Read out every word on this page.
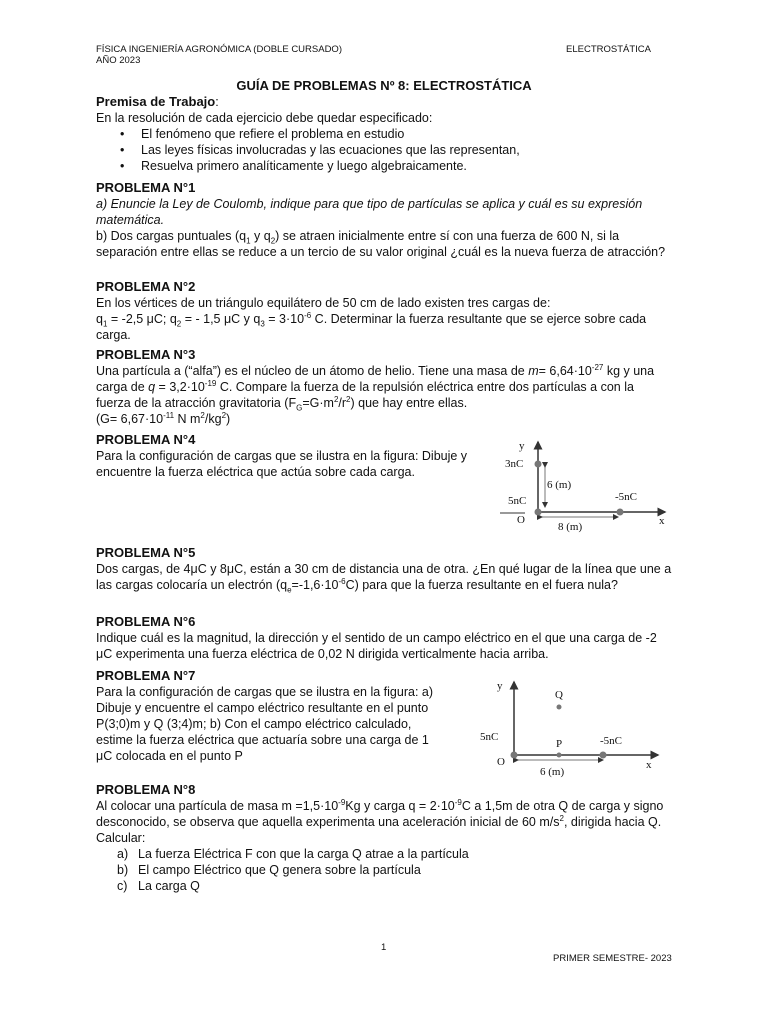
FÍSICA INGENIERÍA AGRONÓMICA (DOBLE CURSADO)
AÑO 2023
ELECTROSTÁTICA
GUÍA DE PROBLEMAS Nº 8: ELECTROSTÁTICA

Premisa de Trabajo:

En la resolución de cada ejercicio debe quedar especificado:

• El fenómeno que refiere el problema en estudio
• Las leyes físicas involucradas y las ecuaciones que las representan,
• Resuelva primero analíticamente y luego algebraicamente.

PROBLEMA N°1

a) Enuncie la Ley de Coulomb, indique para que tipo de partículas se aplica y cuál es su expresión matemática.

b) Dos cargas puntuales ($q_1$ y $q_2$) se atraen inicialmente entre sí con una fuerza de 600 N, si la separación entre ellas se reduce a un tercio de su valor original ¿cuál es la nueva fuerza de atracción?

PROBLEMA N°2

En los vértices de un triángulo equilátero de 50 cm de lado existen tres cargas de:

$q_1 = -2,5$ μC; $q_2$ = - 1,5 μC y $q_3 = 3\cdot 10^{-6}$ C. Determinar la fuerza resultante que se ejerce sobre cada carga.

PROBLEMA N°3

Una partícula a (“alfa”) es el núcleo de un átomo de helio. Tiene una masa de $m= 6,64\cdot 10^{-27}$ kg y una carga de $q = 3,2\cdot 10^{-19}$ C. Compare la fuerza de la repulsión eléctrica entre dos partículas a con la fuerza de la atracción gravitatoria $(F_G=G\cdot m^2/r^2)$ que hay entre ellas.

($G= 6,67\cdot 10^{-11}$ N $m^2/kg^2$)

PROBLEMA N°4

Para la configuración de cargas que se ilustra en la figura: Dibuje y encuentre la fuerza eléctrica que actúa sobre cada carga.

y
x
3nC
5nC	-5nC
O
6 (m)
8 (m)

PROBLEMA N°5

Dos cargas, de 4μC y 8μC, están a 30 cm de distancia una de otra. ¿En qué lugar de la línea que une a las cargas colocaría un electrón $(q_e=-1,6\cdot 10^{-6}C)$ para que la fuerza resultante en el fuera nula?

PROBLEMA N°6

Indique cuál es la magnitud, la dirección y el sentido de un campo eléctrico en el que una carga de -2 μC experimenta una fuerza eléctrica de 0,02 N dirigida verticalmente hacia arriba.

PROBLEMA N°7

Para la configuración de cargas que se ilustra en la figura: a) Dibuje y encuentre el campo eléctrico resultante en el punto P(3;0)m y Q (3;4)m; b) Con el campo eléctrico calculado, estime la fuerza eléctrica que actuaría sobre una carga de 1 μC colocada en el punto P

y
x
5nC	-5nC
P
Q
O
6 (m)

PROBLEMA N°8

Al colocar una partícula de masa $m =1,5\cdot 10^{-9}Kg$ y carga $q = 2\cdot 10^{-9}C$ a 1,5m de otra Q de carga y signo desconocido, se observa que aquella experimenta una aceleración inicial de 60 $m/s^2$, dirigida hacia Q. Calcular:

a) La fuerza Eléctrica F con que la carga Q atrae a la partícula
b) El campo Eléctrico que Q genera sobre la partícula
c) La carga Q
1
PRIMER SEMESTRE- 2023
